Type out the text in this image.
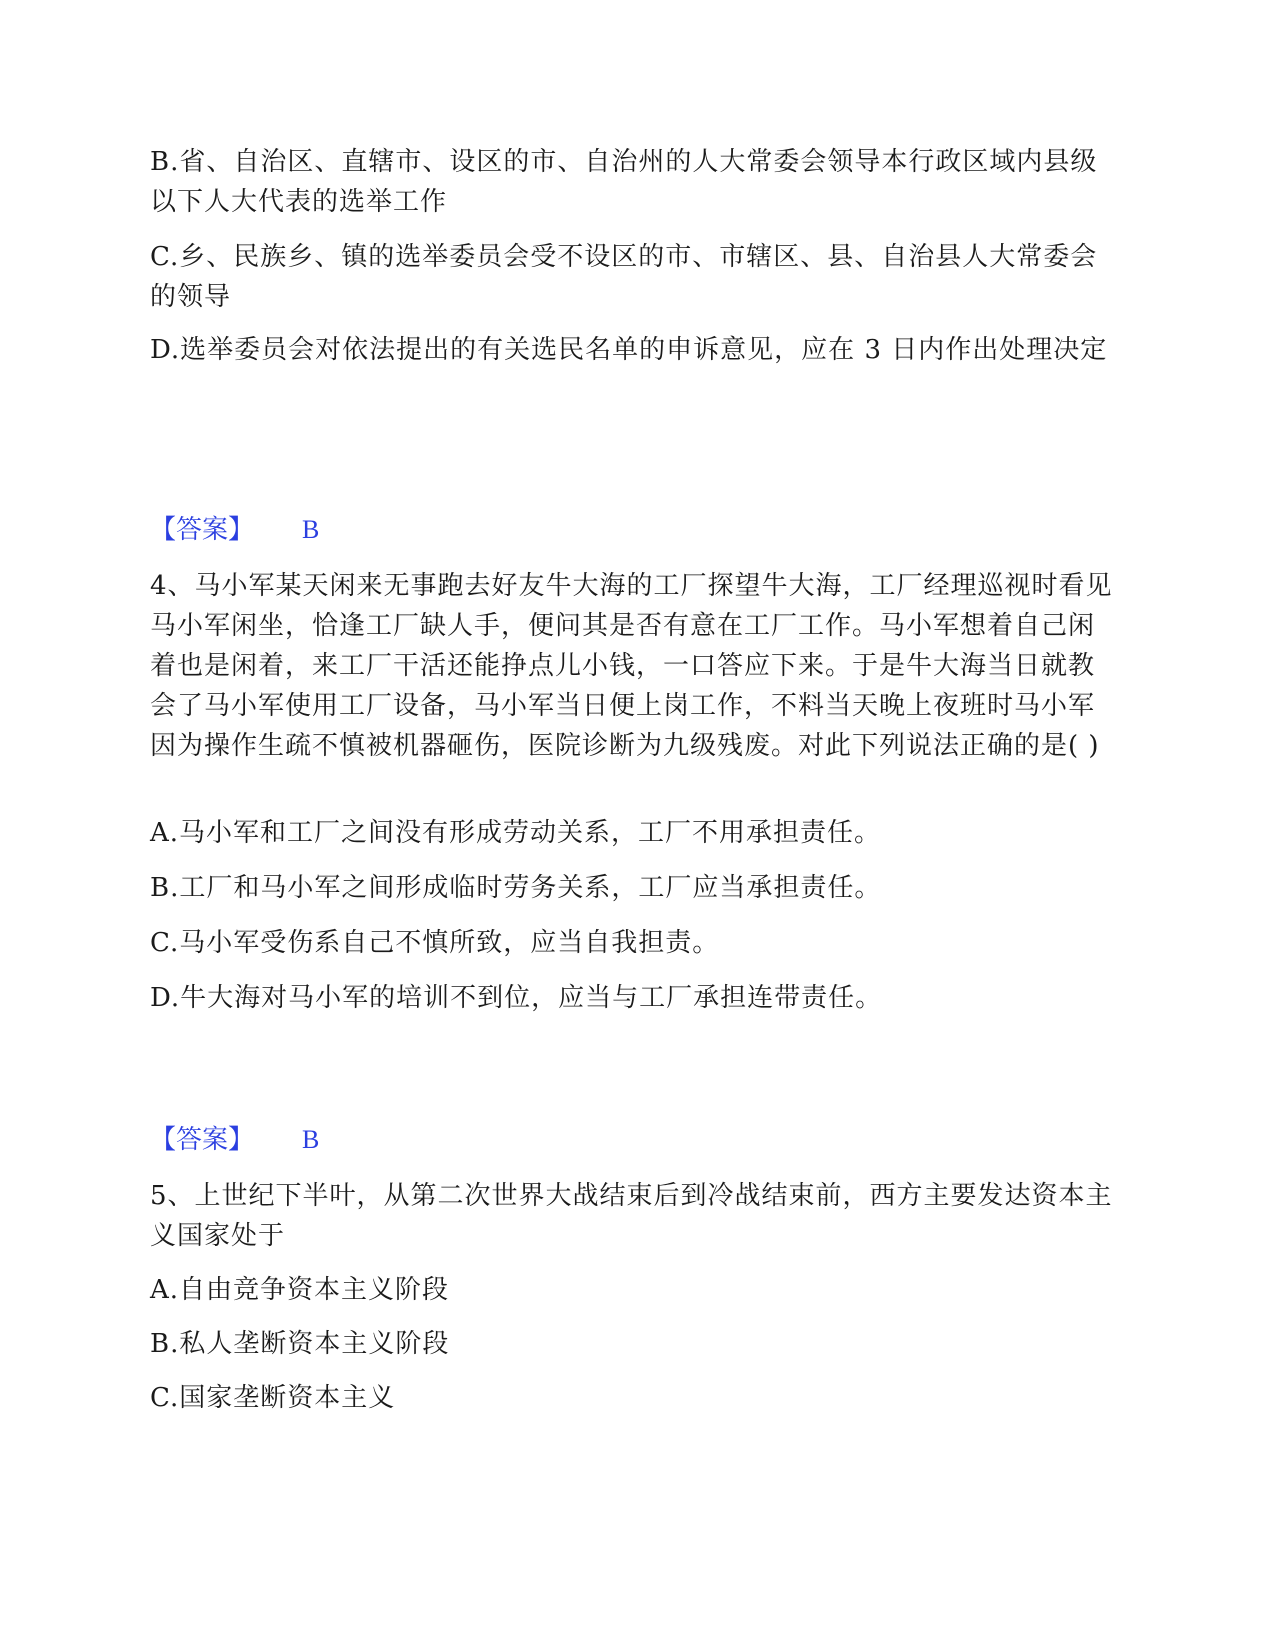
B.省、自治区、直辖市、设区的市、自治州的人大常委会领导本行政区域内县级以下人大代表的选举工作
C.乡、民族乡、镇的选举委员会受不设区的市、市辖区、县、自治县人大常委会的领导
D.选举委员会对依法提出的有关选民名单的申诉意见，应在 3 日内作出处理决定
【答案】 B
4、马小军某天闲来无事跑去好友牛大海的工厂探望牛大海，工厂经理巡视时看见马小军闲坐，恰逢工厂缺人手，便问其是否有意在工厂工作。马小军想着自己闲着也是闲着，来工厂干活还能挣点儿小钱，一口答应下来。于是牛大海当日就教会了马小军使用工厂设备，马小军当日便上岗工作，不料当天晚上夜班时马小军因为操作生疏不慎被机器砸伤，医院诊断为九级残废。对此下列说法正确的是( )
A.马小军和工厂之间没有形成劳动关系，工厂不用承担责任。
B.工厂和马小军之间形成临时劳务关系，工厂应当承担责任。
C.马小军受伤系自己不慎所致，应当自我担责。
D.牛大海对马小军的培训不到位，应当与工厂承担连带责任。
【答案】 B
5、上世纪下半叶，从第二次世界大战结束后到冷战结束前，西方主要发达资本主义国家处于
A.自由竞争资本主义阶段
B.私人垄断资本主义阶段
C.国家垄断资本主义
